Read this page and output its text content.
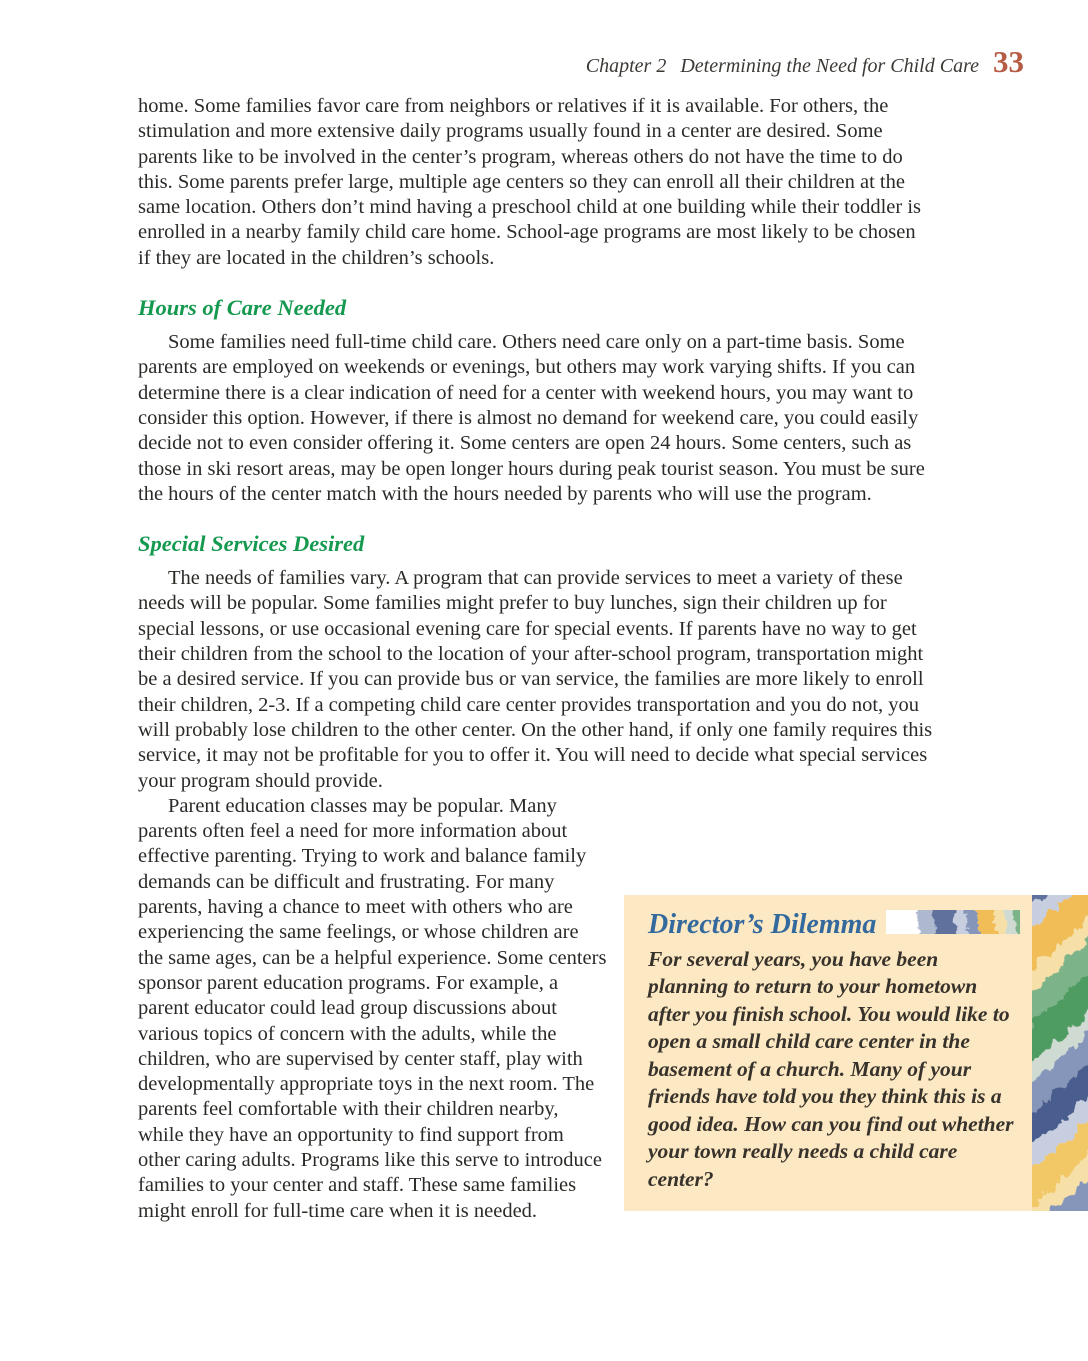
Chapter 2 Determining the Need for Child Care 33

home. Some families favor care from neighbors or relatives if it is available. For others, the stimulation and more extensive daily programs usually found in a center are desired. Some parents like to be involved in the center’s program, whereas others do not have the time to do this. Some parents prefer large, multiple age centers so they can enroll all their children at the same location. Others don’t mind having a preschool child at one building while their toddler is enrolled in a nearby family child care home. School-age programs are most likely to be chosen if they are located in the children’s schools.

Hours of Care Needed

Some families need full-time child care. Others need care only on a part-time basis. Some parents are employed on weekends or evenings, but others may work varying shifts. If you can determine there is a clear indication of need for a center with weekend hours, you may want to consider this option. However, if there is almost no demand for weekend care, you could easily decide not to even consider offering it. Some centers are open 24 hours. Some centers, such as those in ski resort areas, may be open longer hours during peak tourist season. You must be sure the hours of the center match with the hours needed by parents who will use the program.

Special Services Desired

The needs of families vary. A program that can provide services to meet a variety of these needs will be popular. Some families might prefer to buy lunches, sign their children up for special lessons, or use occasional evening care for special events. If parents have no way to get their children from the school to the location of your after-school program, transportation might be a desired service. If you can provide bus or van service, the families are more likely to enroll their children, 2-3. If a competing child care center provides transportation and you do not, you will probably lose children to the other center. On the other hand, if only one family requires this service, it may not be profitable for you to offer it. You will need to decide what special services your program should provide.

Director’s Dilemma

For several years, you have been planning to return to your hometown after you finish school. You would like to open a small child care center in the basement of a church. Many of your friends have told you they think this is a good idea. How can you find out whether your town really needs a child care center?

Parent education classes may be popular. Many parents often feel a need for more information about effective parenting. Trying to work and balance family demands can be difficult and frustrating. For many parents, having a chance to meet with others who are experiencing the same feelings, or whose children are the same ages, can be a helpful experience. Some centers sponsor parent education programs. For example, a parent educator could lead group discussions about various topics of concern with the adults, while the children, who are supervised by center staff, play with developmentally appropriate toys in the next room. The parents feel comfortable with their children nearby, while they have an opportunity to find support from other caring adults. Programs like this serve to introduce families to your center and staff. These same families might enroll for full-time care when it is needed.
